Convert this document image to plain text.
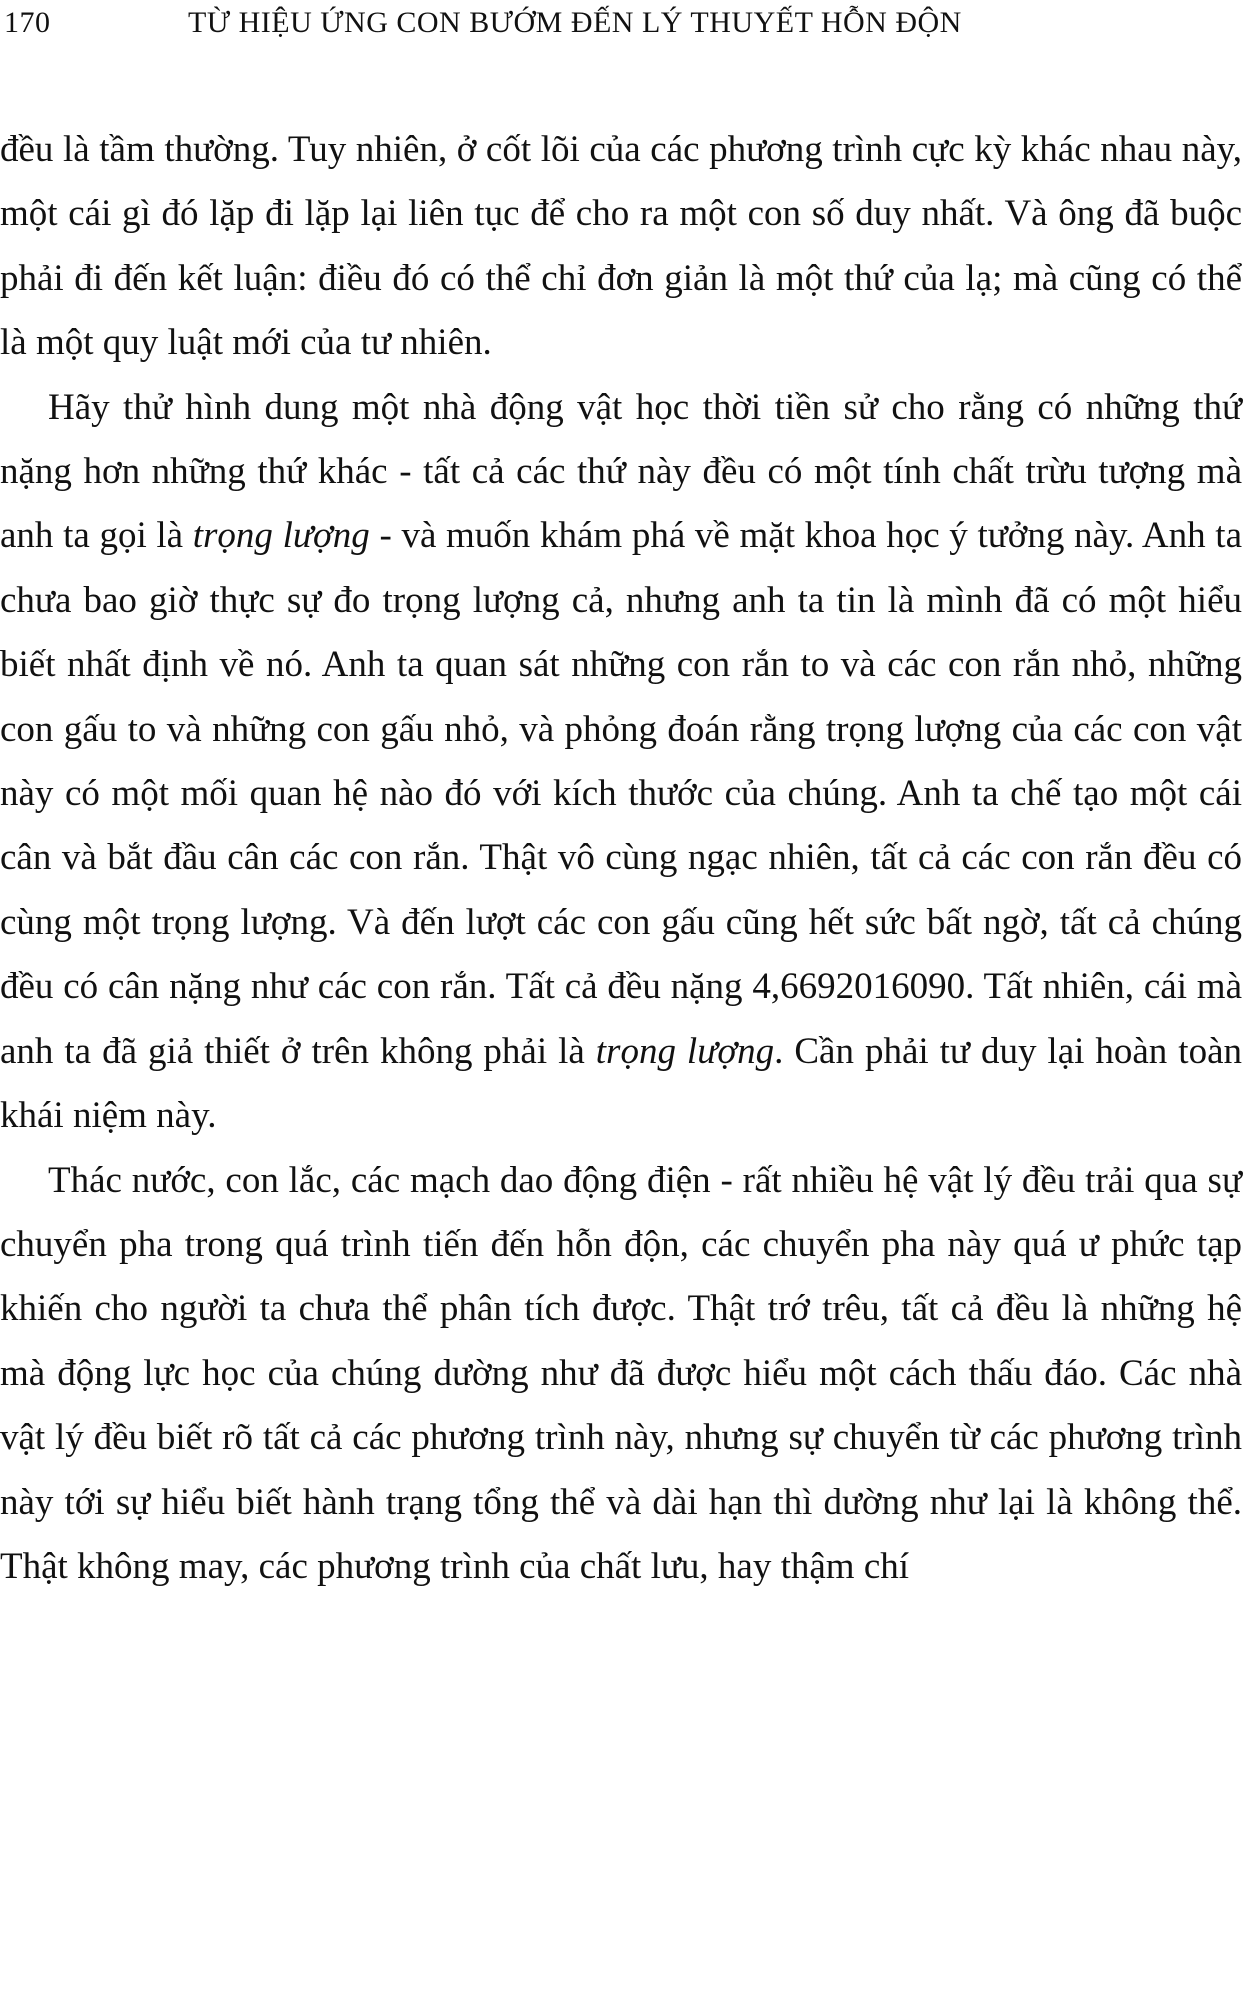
170	TỪ HIỆU ỨNG CON BƯỚM ĐẾN LÝ THUYẾT HỖN ĐỘN

đều là tầm thường. Tuy nhiên, ở cốt lõi của các phương trình cực kỳ khác nhau này, một cái gì đó lặp đi lặp lại liên tục để cho ra một con số duy nhất. Và ông đã buộc phải đi đến kết luận: điều đó có thể chỉ đơn giản là một thứ của lạ; mà cũng có thể là một quy luật mới của tư nhiên.

Hãy thử hình dung một nhà động vật học thời tiền sử cho rằng có những thứ nặng hơn những thứ khác - tất cả các thứ này đều có một tính chất trừu tượng mà anh ta gọi là trọng lượng - và muốn khám phá về mặt khoa học ý tưởng này. Anh ta chưa bao giờ thực sự đo trọng lượng cả, nhưng anh ta tin là mình đã có một hiểu biết nhất định về nó. Anh ta quan sát những con rắn to và các con rắn nhỏ, những con gấu to và những con gấu nhỏ, và phỏng đoán rằng trọng lượng của các con vật này có một mối quan hệ nào đó với kích thước của chúng. Anh ta chế tạo một cái cân và bắt đầu cân các con rắn. Thật vô cùng ngạc nhiên, tất cả các con rắn đều có cùng một trọng lượng. Và đến lượt các con gấu cũng hết sức bất ngờ, tất cả chúng đều có cân nặng như các con rắn. Tất cả đều nặng 4,6692016090. Tất nhiên, cái mà anh ta đã giả thiết ở trên không phải là trọng lượng. Cần phải tư duy lại hoàn toàn khái niệm này.

Thác nước, con lắc, các mạch dao động điện - rất nhiều hệ vật lý đều trải qua sự chuyển pha trong quá trình tiến đến hỗn độn, các chuyển pha này quá ư phức tạp khiến cho người ta chưa thể phân tích được. Thật trớ trêu, tất cả đều là những hệ mà động lực học của chúng dường như đã được hiểu một cách thấu đáo. Các nhà vật lý đều biết rõ tất cả các phương trình này, nhưng sự chuyển từ các phương trình này tới sự hiểu biết hành trạng tổng thể và dài hạn thì dường như lại là không thể. Thật không may, các phương trình của chất lưu, hay thậm chí
